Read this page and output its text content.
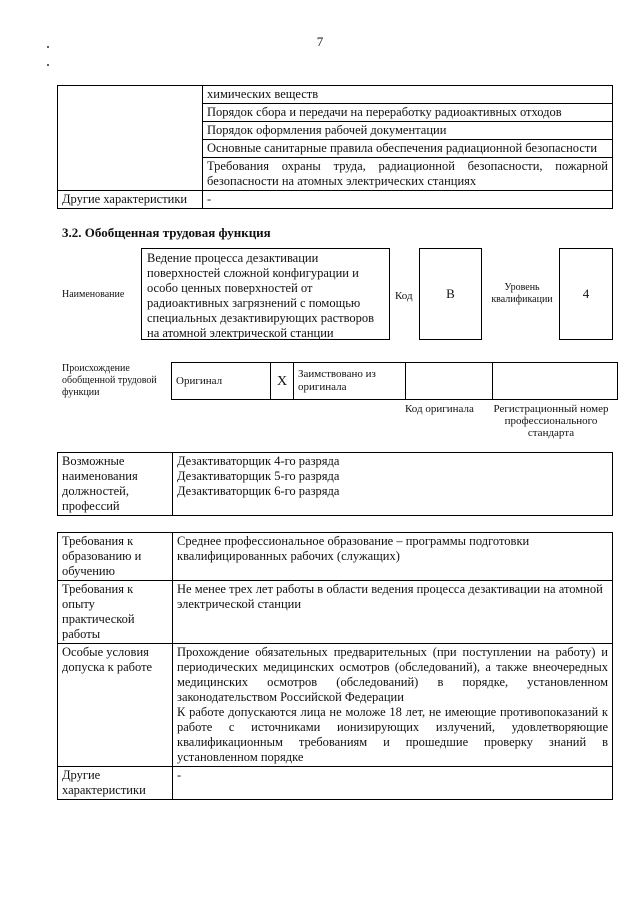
7
	химических веществ
	Порядок сбора и передачи на переработку радиоактивных отходов
	Порядок оформления рабочей документации
	Основные санитарные правила обеспечения радиационной безопасности
	Требования охраны труда, радиационной безопасности, пожарной безопасности на атомных электрических станциях
Другие характеристики	-
3.2. Обобщенная трудовая функция
Наименование
Ведение процесса дезактивации поверхностей сложной конфигурации и особо ценных поверхностей от радиоактивных загрязнений с помощью специальных дезактивирующих растворов на атомной электрической станции
Код	B	Уровень квалификации	4
Происхождение обобщенной трудовой функции
Оригинал	X	Заимствовано из оригинала		
Код оригинала	Регистрационный номер профессионального стандарта
Возможные наименования должностей, профессий	
Дезактиваторщик 4-го разряда
Дезактиваторщик 5-го разряда
Дезактиваторщик 6-го разряда
Требования к образованию и обучению	Среднее профессиональное образование – программы подготовки квалифицированных рабочих (служащих)
Требования к опыту практической работы	Не менее трех лет работы в области ведения процесса дезактивации на атомной электрической станции
Особые условия допуска к работе	Прохождение обязательных предварительных (при поступлении на работу) и периодических медицинских осмотров (обследований), а также внеочередных медицинских осмотров (обследований) в порядке, установленном законодательством Российской Федерации
К работе допускаются лица не моложе 18 лет, не имеющие противопоказаний к работе с источниками ионизирующих излучений, удовлетворяющие квалификационным требованиям и прошедшие проверку знаний в установленном порядке

Другие характеристики	-
